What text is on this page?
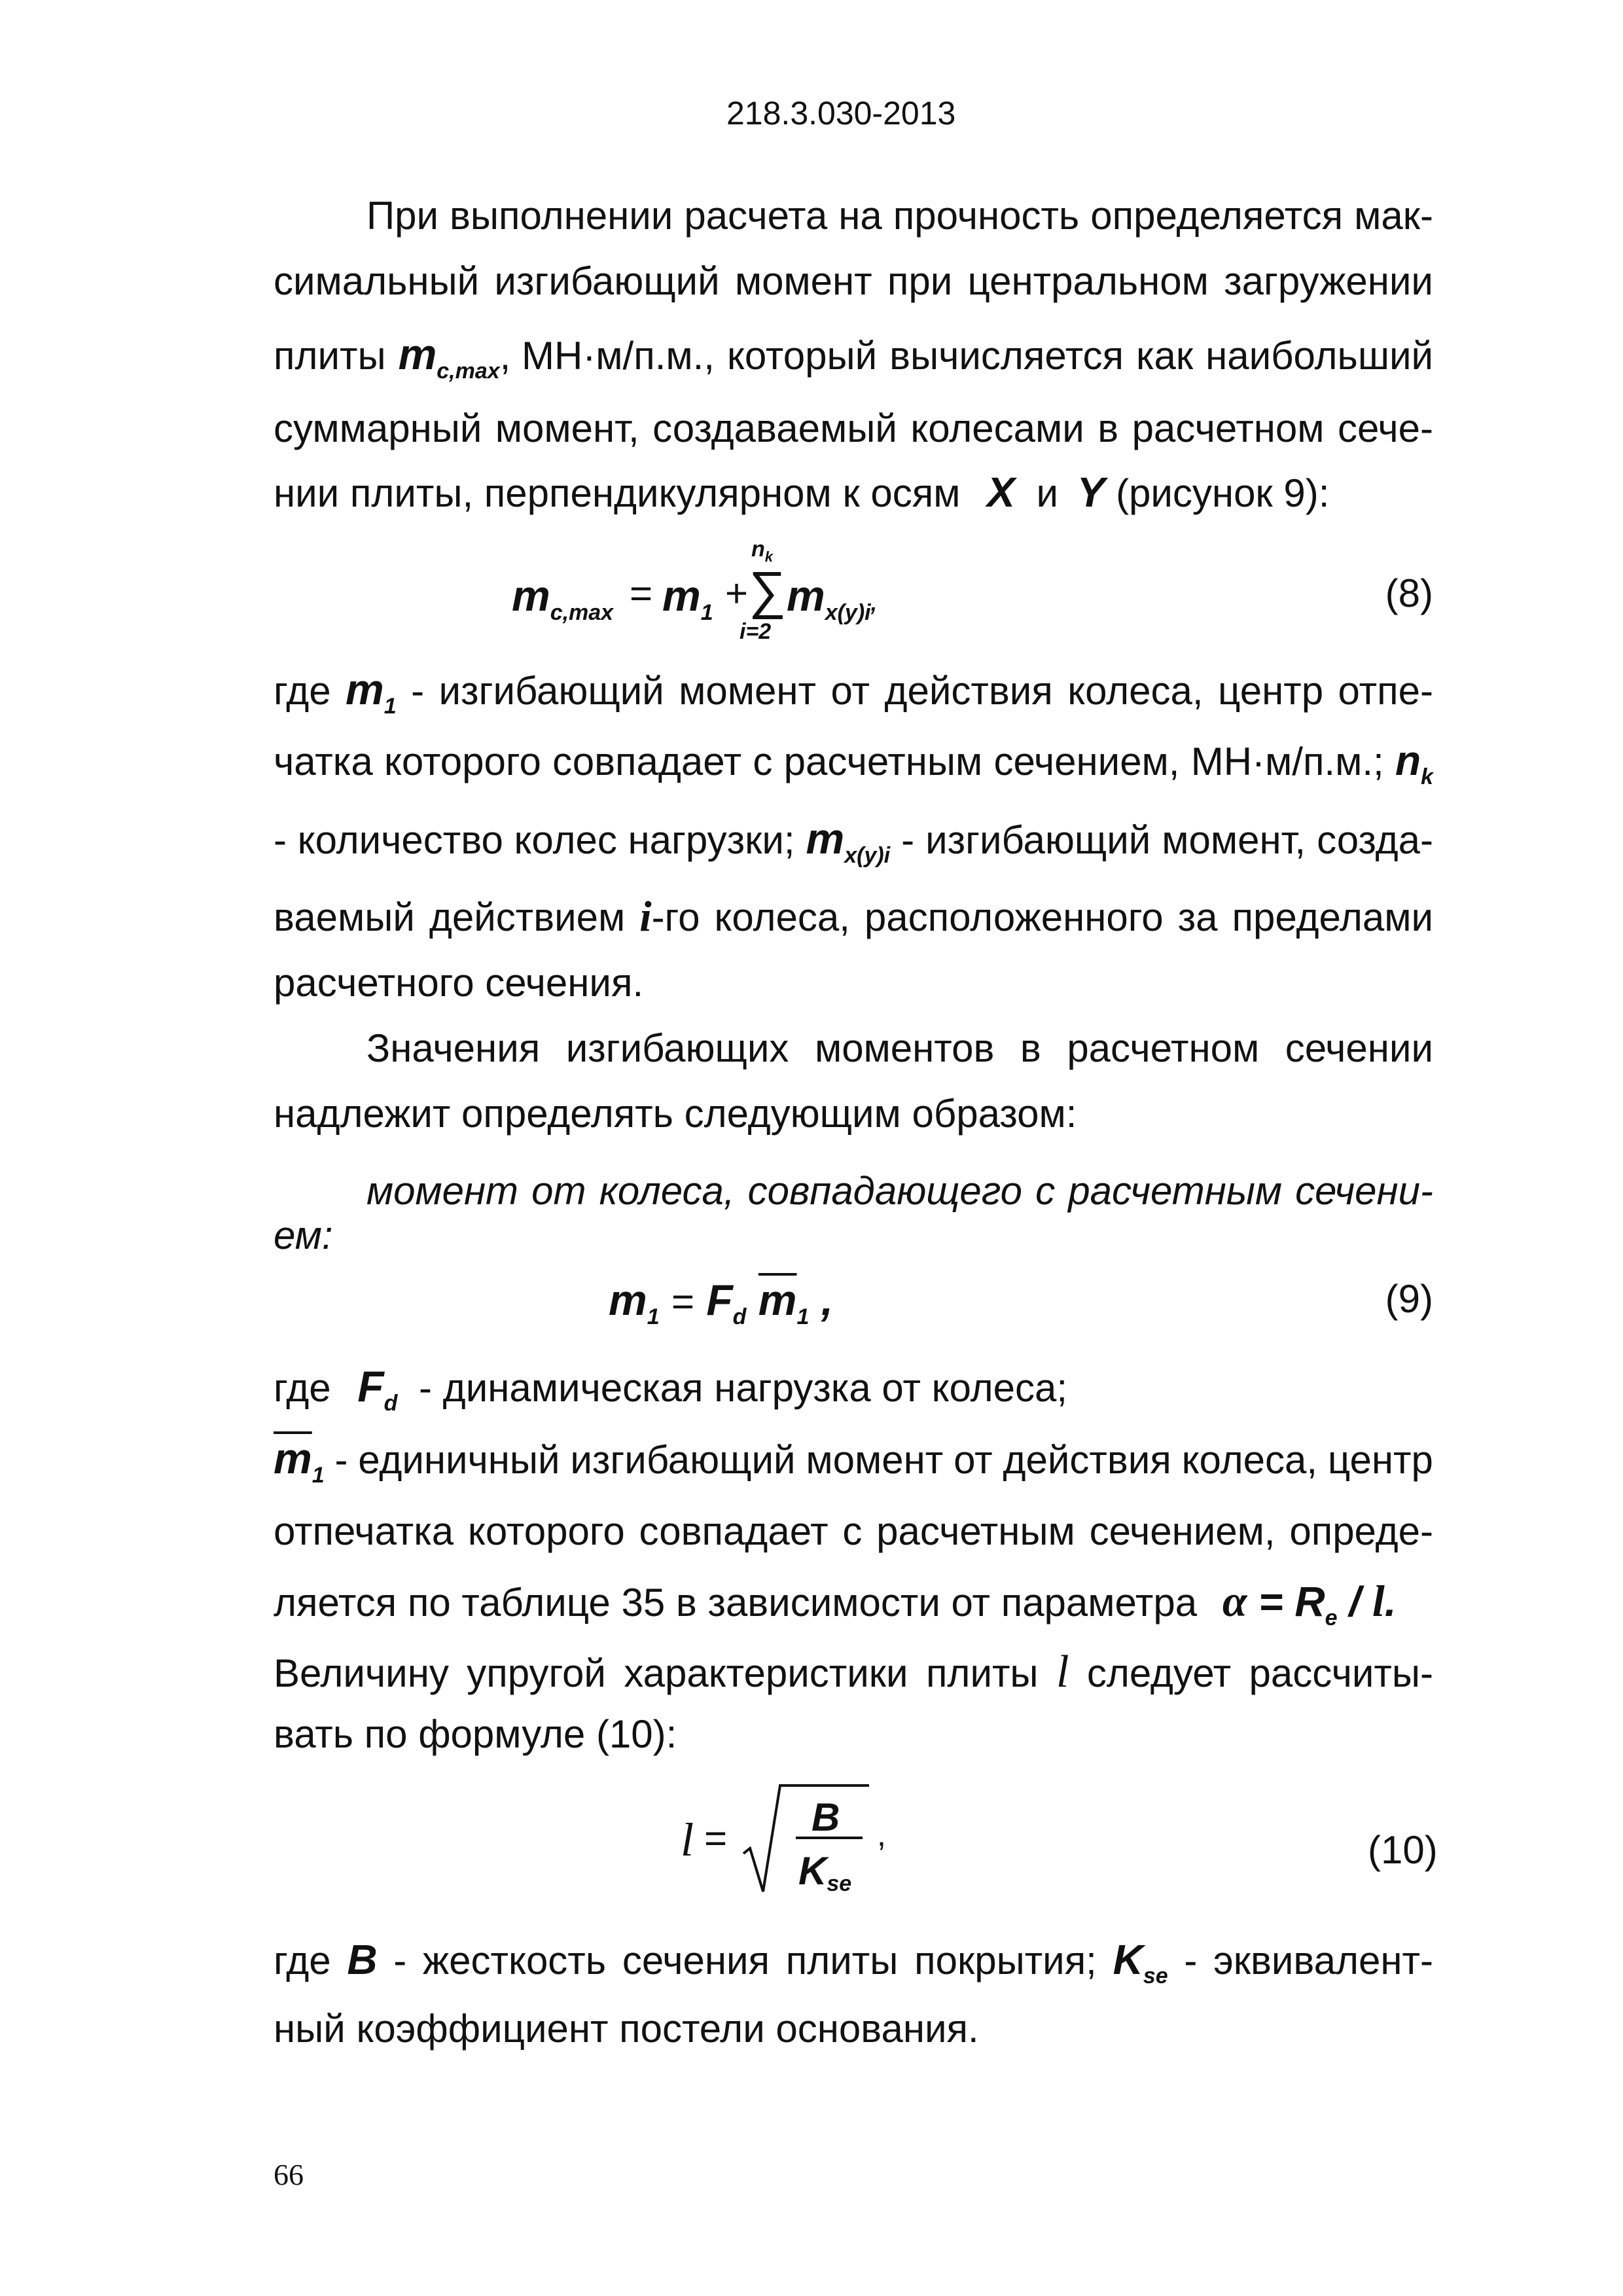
218.3.030-2013
При выполнении расчета на прочность определяется мак-
симальный изгибающий момент при центральном загружении
плиты $m_{c,max}$, МН·м/п.м., который вычисляется как наибольший
суммарный момент, создаваемый колесами в расчетном сече-
нии плиты, перпендикулярном к осям X и Y (рисунок 9):
$m_{c,max} = m_1$ +
$n_k$
∑
i=2
$m_{x(y)i}$,	(8)
где $m_1$ - изгибающий момент от действия колеса, центр отпе-
чатка которого совпадает с расчетным сечением, МН·м/п.м.; $n_k$
- количество колес нагрузки; $m_{x(y)i}$ - изгибающий момент, созда-
ваемый действием i-го колеса, расположенного за пределами
расчетного сечения.
Значения изгибающих моментов в расчетном сечении
надлежит определять следующим образом:
момент от колеса, совпадающего с расчетным сечени-
ем:
$m_1 = F_d$ $\overline{m}_1$ ,	(9)
где $F_d$ - динамическая нагрузка от колеса;
$\overline{m}_1$ - единичный изгибающий момент от действия колеса, центр
отпечатка которого совпадает с расчетным сечением, опреде-
ляется по таблице 35 в зависимости от параметра $\alpha = R_e / l$.
Величину упругой характеристики плиты l следует рассчиты-
вать по формуле (10):
l = B
Kse
,	(10)
где B - жесткость сечения плиты покрытия; $K_{se}$ - эквивалент-
ный коэффициент постели основания.
66
